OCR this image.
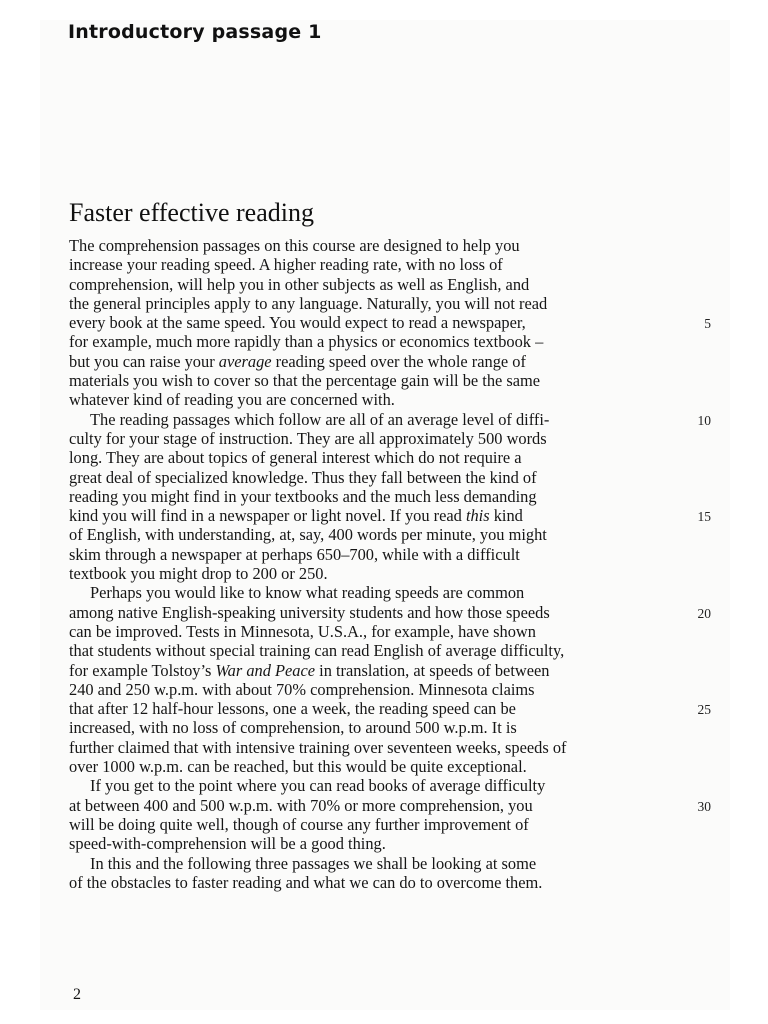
Introductory passage 1
Faster effective reading
The comprehension passages on this course are designed to help you
increase your reading speed. A higher reading rate, with no loss of
comprehension, will help you in other subjects as well as English, and
the general principles apply to any language. Naturally, you will not read
every book at the same speed. You would expect to read a newspaper,
for example, much more rapidly than a physics or economics textbook –
but you can raise your average reading speed over the whole range of
materials you wish to cover so that the percentage gain will be the same
whatever kind of reading you are concerned with.
The reading passages which follow are all of an average level of diffi-
culty for your stage of instruction. They are all approximately 500 words
long. They are about topics of general interest which do not require a
great deal of specialized knowledge. Thus they fall between the kind of
reading you might find in your textbooks and the much less demanding
kind you will find in a newspaper or light novel. If you read this kind
of English, with understanding, at, say, 400 words per minute, you might
skim through a newspaper at perhaps 650–700, while with a difficult
textbook you might drop to 200 or 250.
Perhaps you would like to know what reading speeds are common
among native English-speaking university students and how those speeds
can be improved. Tests in Minnesota, U.S.A., for example, have shown
that students without special training can read English of average difficulty,
for example Tolstoy’s War and Peace in translation, at speeds of between
240 and 250 w.p.m. with about 70% comprehension. Minnesota claims
that after 12 half-hour lessons, one a week, the reading speed can be
increased, with no loss of comprehension, to around 500 w.p.m. It is
further claimed that with intensive training over seventeen weeks, speeds of
over 1000 w.p.m. can be reached, but this would be quite exceptional.
If you get to the point where you can read books of average difficulty
at between 400 and 500 w.p.m. with 70% or more comprehension, you
will be doing quite well, though of course any further improvement of
speed-with-comprehension will be a good thing.
In this and the following three passages we shall be looking at some
of the obstacles to faster reading and what we can do to overcome them.
5
10
15
20
25
30
2
